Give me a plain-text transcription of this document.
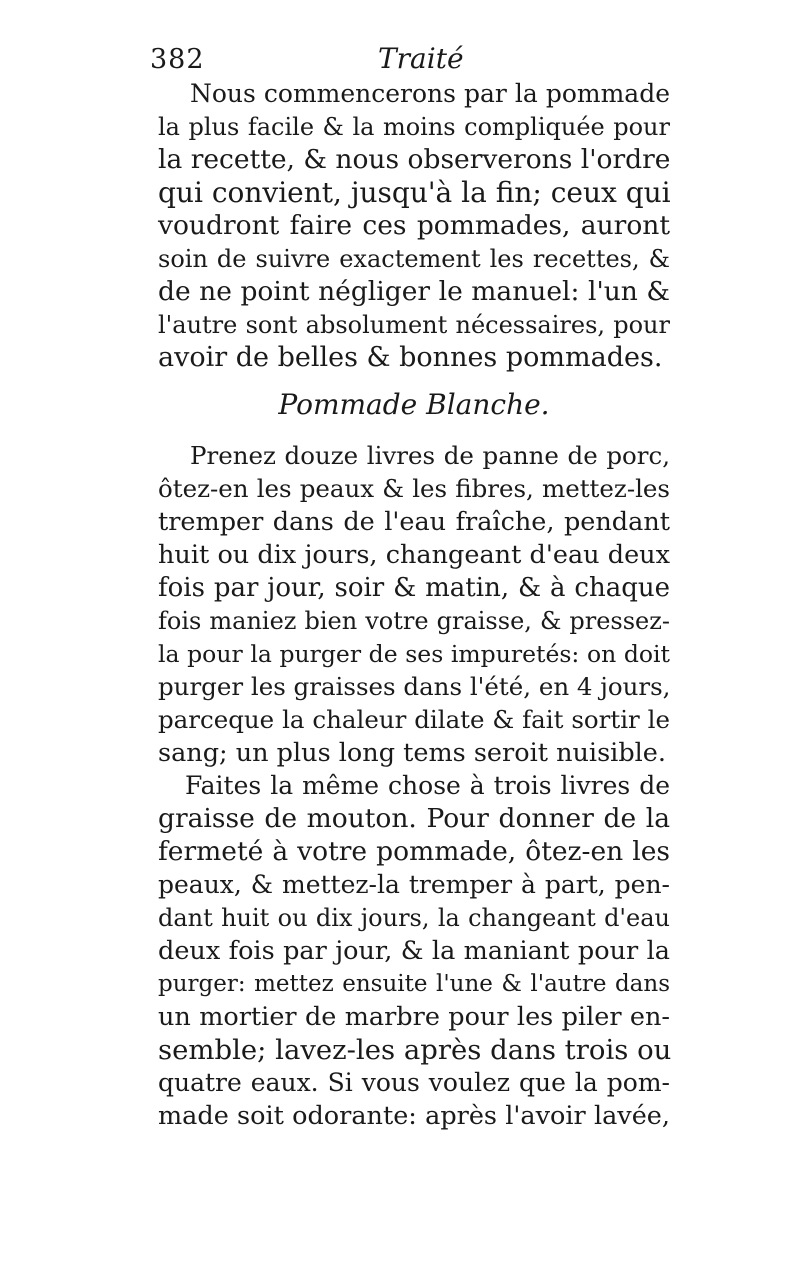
382	Traité
Nous commencerons par la pommade
la plus facile & la moins compliquée pour
la recette, & nous observerons l'ordre
qui convient, jusqu'à la fin; ceux qui
voudront faire ces pommades, auront
soin de suivre exactement les recettes, &
de ne point négliger le manuel: l'un &
l'autre sont absolument nécessaires, pour
avoir de belles & bonnes pommades.
Pommade Blanche.
Prenez douze livres de panne de porc,
ôtez-en les peaux & les fibres, mettez-les
tremper dans de l'eau fraîche, pendant
huit ou dix jours, changeant d'eau deux
fois par jour, soir & matin, & à chaque
fois maniez bien votre graisse, & pressez-
la pour la purger de ses impuretés: on doit
purger les graisses dans l'été, en 4 jours,
parceque la chaleur dilate & fait sortir le
sang; un plus long tems seroit nuisible.
Faites la même chose à trois livres de
graisse de mouton. Pour donner de la
fermeté à votre pommade, ôtez-en les
peaux, & mettez-la tremper à part, pen-
dant huit ou dix jours, la changeant d'eau
deux fois par jour, & la maniant pour la
purger: mettez ensuite l'une & l'autre dans
un mortier de marbre pour les piler en-
semble; lavez-les après dans trois ou
quatre eaux. Si vous voulez que la pom-
made soit odorante: après l'avoir lavée,
